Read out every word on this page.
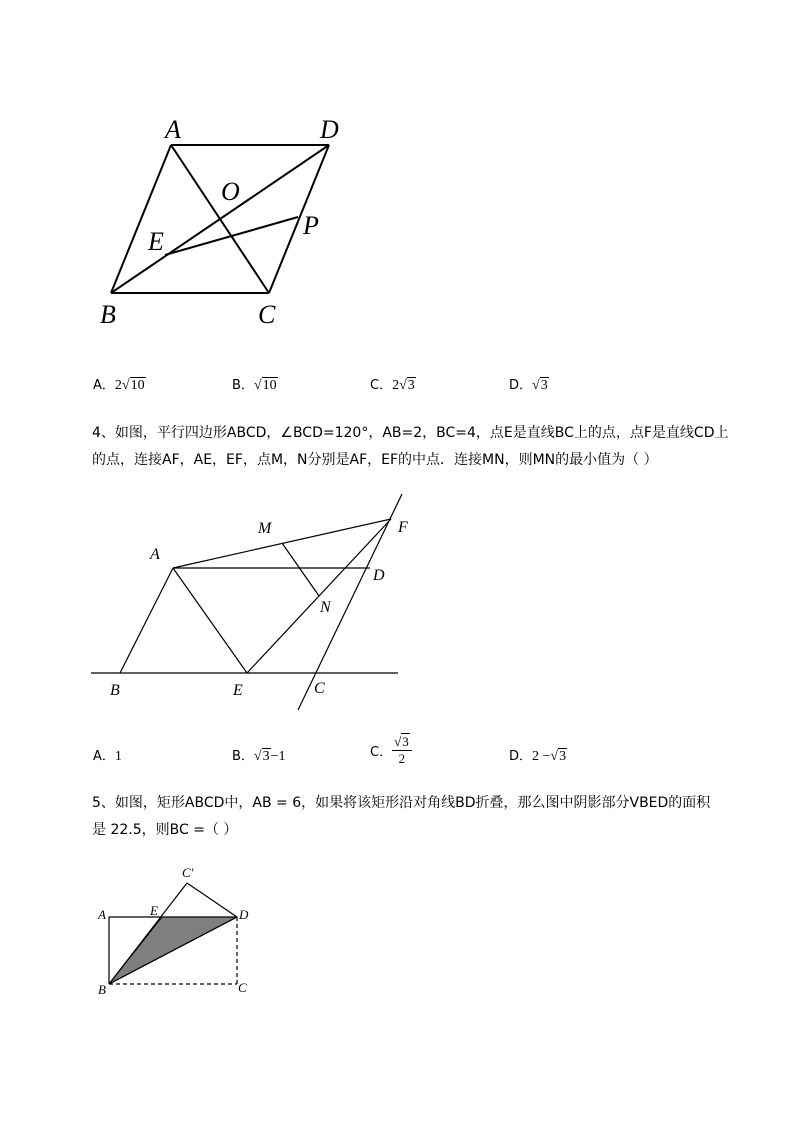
A	D
O
E
P
B	C
A．2√10	B．√10	C．2√3	D．√3
4、如图，平行四边形ABCD，∠BCD=120°，AB=2，BC=4，点E是直线BC上的点，点F是直线CD上
的点，连接AF，AE，EF，点M，N分别是AF，EF的中点．连接MN，则MN的最小值为（ ）
M	F
A
D
N
B	E	C
A．1	B．√3−1	C． $\frac{√3}{2}$	D．2 −√3
5、如图，矩形ABCD中，AB = 6，如果将该矩形沿对角线BD折叠，那么图中阴影部分VBED的面积
是 22.5，则BC =（ ）
C′
A	E	D
B	C
